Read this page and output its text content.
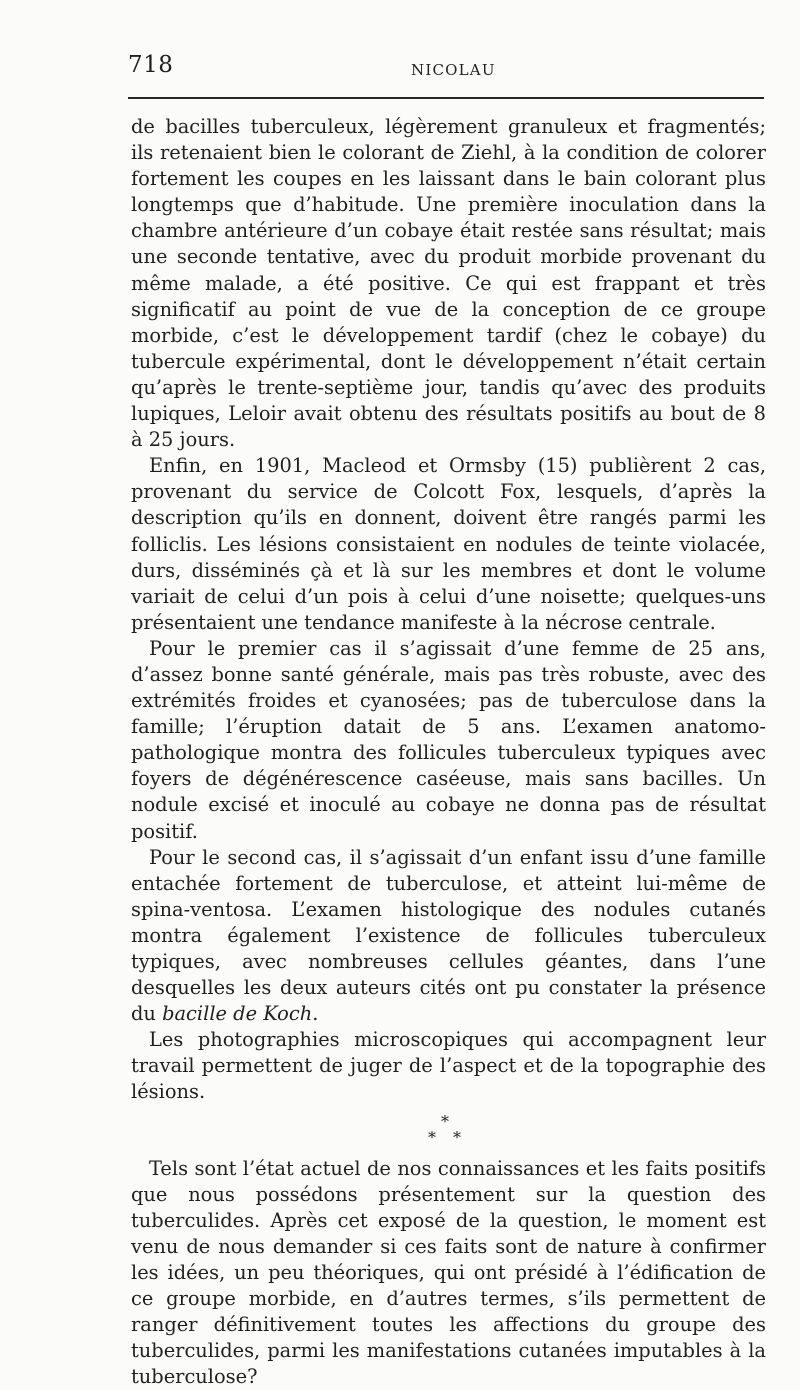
718	NICOLAU

de bacilles tuberculeux, légèrement granuleux et fragmentés; ils retenaient bien le colorant de Ziehl, à la condition de colorer fortement les coupes en les laissant dans le bain colorant plus longtemps que d’habitude. Une première inoculation dans la chambre antérieure d’un cobaye était restée sans résultat; mais une seconde tentative, avec du produit morbide provenant du même malade, a été positive. Ce qui est frappant et très significatif au point de vue de la conception de ce groupe morbide, c’est le développement tardif (chez le cobaye) du tubercule expérimental, dont le développement n’était certain qu’après le trente-septième jour, tandis qu’avec des produits lupiques, Leloir avait obtenu des résultats positifs au bout de 8 à 25 jours.

Enfin, en 1901, Macleod et Ormsby (15) publièrent 2 cas, provenant du service de Colcott Fox, lesquels, d’après la description qu’ils en donnent, doivent être rangés parmi les folliclis. Les lésions consistaient en nodules de teinte violacée, durs, disséminés çà et là sur les membres et dont le volume variait de celui d’un pois à celui d’une noisette; quelques-uns présentaient une tendance manifeste à la nécrose centrale.

Pour le premier cas il s’agissait d’une femme de 25 ans, d’assez bonne santé générale, mais pas très robuste, avec des extrémités froides et cyanosées; pas de tuberculose dans la famille; l’éruption datait de 5 ans. L’examen anatomo-pathologique montra des follicules tuberculeux typiques avec foyers de dégénérescence caséeuse, mais sans bacilles. Un nodule excisé et inoculé au cobaye ne donna pas de résultat positif.

Pour le second cas, il s’agissait d’un enfant issu d’une famille entachée fortement de tuberculose, et atteint lui-même de spina-ventosa. L’examen histologique des nodules cutanés montra également l’existence de follicules tuberculeux typiques, avec nombreuses cellules géantes, dans l’une desquelles les deux auteurs cités ont pu constater la présence du bacille de Koch.

Les photographies microscopiques qui accompagnent leur travail permettent de juger de l’aspect et de la topographie des lésions.

*
* *

Tels sont l’état actuel de nos connaissances et les faits positifs que nous possédons présentement sur la question des tuberculides. Après cet exposé de la question, le moment est venu de nous demander si ces faits sont de nature à confirmer les idées, un peu théoriques, qui ont présidé à l’édification de ce groupe morbide, en d’autres termes, s’ils permettent de ranger définitivement toutes les affections du groupe des tuberculides, parmi les manifestations cutanées imputables à la tuberculose?
